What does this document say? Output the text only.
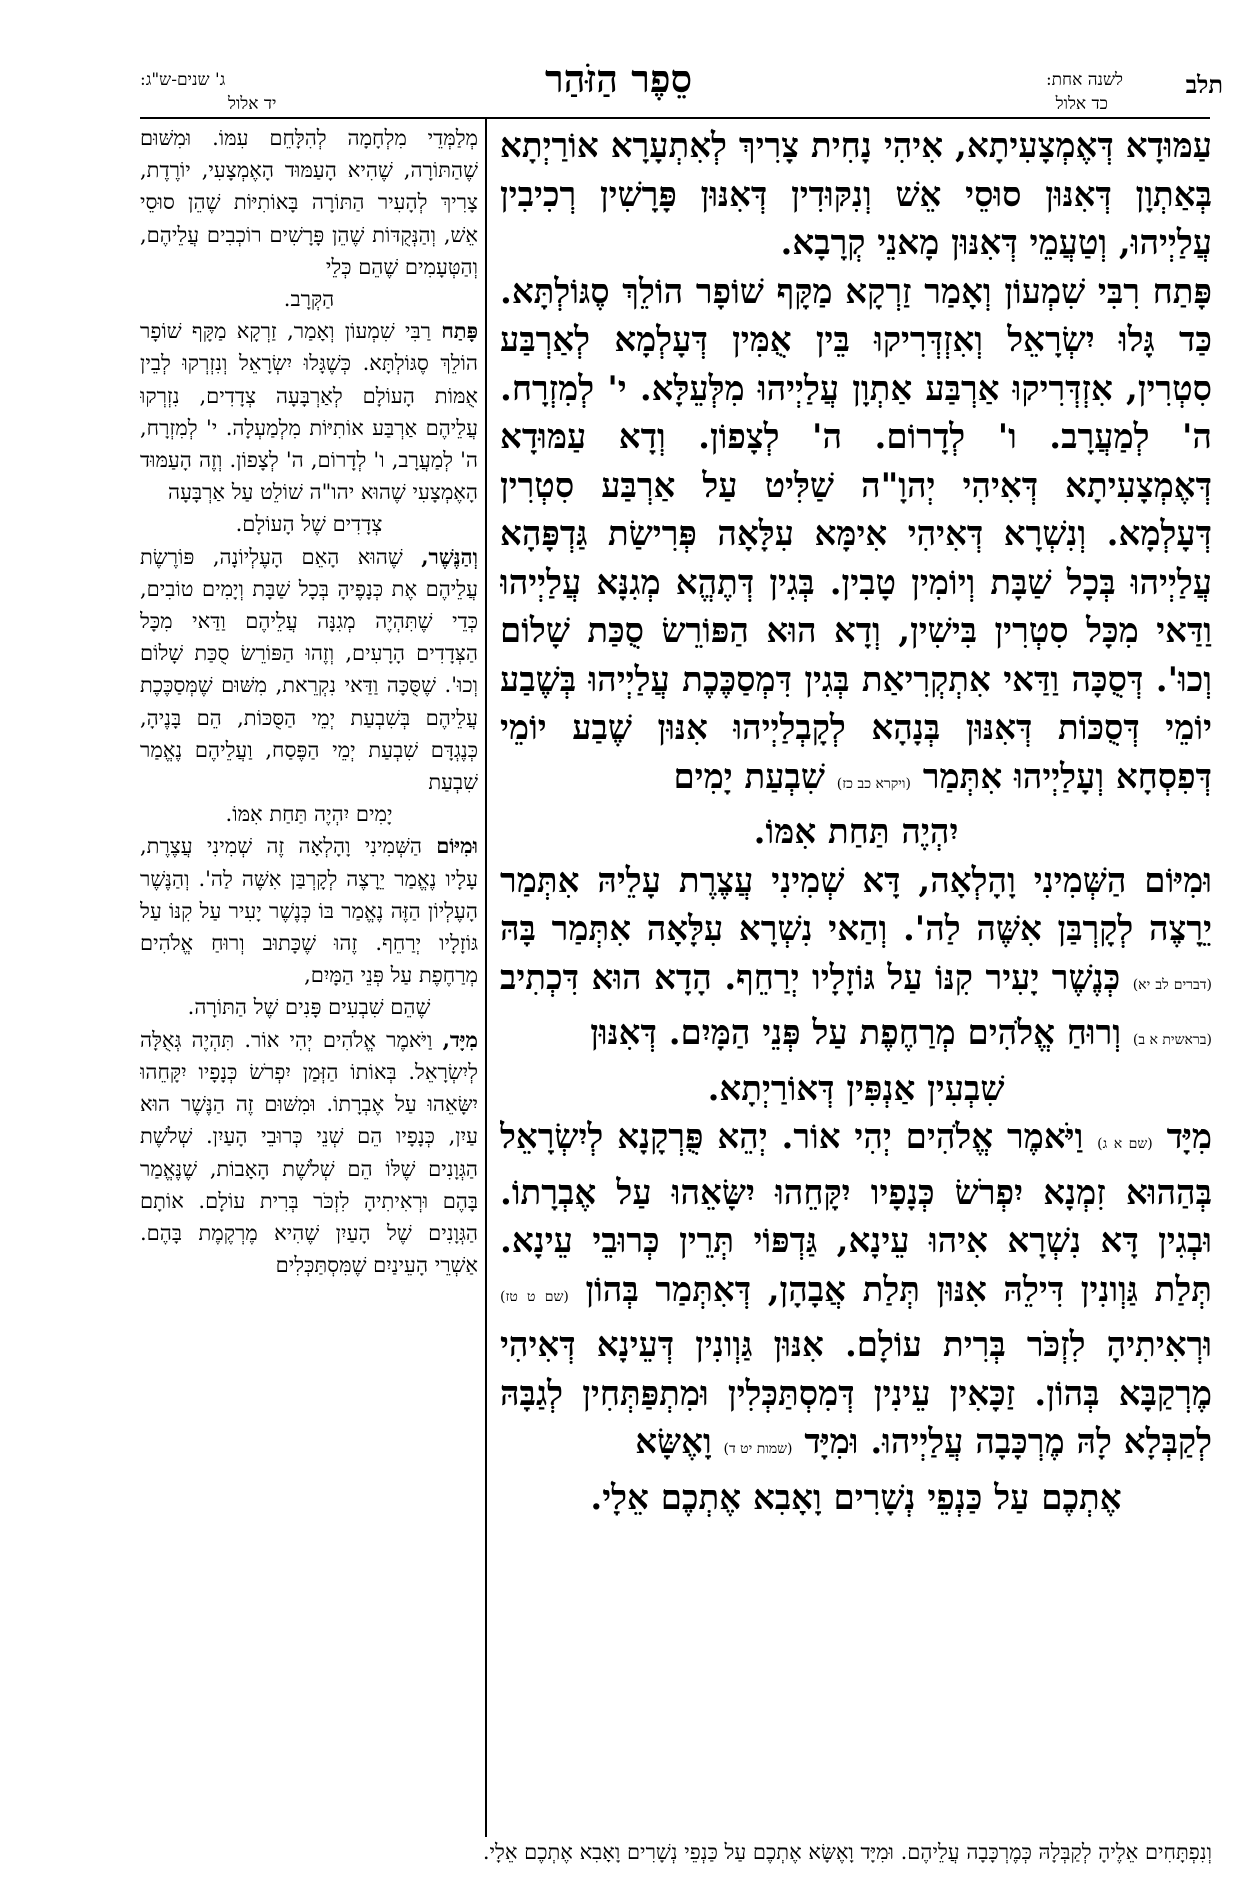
תלב
לשנה אחת:
כד אלול
סֵפֶר הַזֹּהַר
ג' שנים-ש"ג:
יד אלול

עַמּוּדָא דְּאֶמְצָעִיתָא, אִיהִי נָחִית צָרִיךְ לְאִתְעָרָא אוֹרַיְתָא בְּאַתְוָן דְּאִנּוּן סוּסֵי אֵשׁ וְנִקּוּדִין דְּאִנּוּן פָּרָשִׁין רְכִיבִין עֲלַיְיהוּ, וְטַעֲמֵי דְּאִנּוּן מָאנֵי קְרָבָא.

פָּתַח רִבִּי שִׁמְעוֹן וְאָמַר זַרְקָא מַקָּף שׁוֹפָר הוֹלֵךְ סֶגּוֹלְתָּא. כַּד גָּלוּ יִשְׂרָאֵל וְאִזְדְּרִיקוּ בֵּין אֻמִּין דְּעָלְמָא לְאַרְבַּע סִטְרִין, אִזְדְּרִיקוּ אַרְבַּע אַתְוָן עֲלַיְיהוּ מִלְּעֵלָּא. י' לְמִזְרָח. ה' לְמַעֲרָב. ו' לְדָרוֹם. ה' לְצָפוֹן. וְדָא עַמּוּדָא דְּאֶמְצָעִיתָא דְּאִיהִי יְהוָ"ה שַׁלִּיט עַל אַרְבַּע סִטְרִין דְּעָלְמָא. וְנִשְׁרָא דְּאִיהִי אִימָּא עִלָּאָה פְּרִישַׂת גַּדְפָּהָא עֲלַיְיהוּ בְּכָל שַׁבָּת וְיוֹמִין טָבִין. בְּגִין דְּתֶהֱא מְגִנָּא עֲלַיְיהוּ וַדַּאי מִכָּל סִטְרִין בִּישִׁין, וְדָא הוּא הַפּוֹרֵשׂ סֻכַּת שָׁלוֹם וְכוּ'. דְּסֻכָּה וַדַּאי אִתְקְרִיאַת בְּגִין דִּמְסַכֶּכֶת עֲלַיְיהוּ בְּשֶׁבַע יוֹמֵי דְּסֻכּוֹת דְּאִנּוּן בְּנָהָא לְקָבְלַיְיהוּ אִנּוּן שֶׁבַע יוֹמֵי דְּפִסְחָא וְעָלַיְיהוּ אִתְּמַר (ויקרא כב כז) שִׁבְעַת יָמִים

יִהְיֶה תַּחַת אִמּוֹ.

וּמִיּוֹם הַשְּׁמִינִי וָהָלְאָה, דָּא שְׁמִינִי עֲצֶרֶת עָלֵיהּ אִתְּמַר יֵרָצֶה לְקָרְבַּן אִשֶּׁה לַה'. וְהַאי נִשְׁרָא עִלָּאָה אִתְּמַר בָּהּ (דברים לב יא) כְּנֶשֶׁר יָעִיר קִנּוֹ עַל גּוֹזָלָיו יְרַחֵף. הָדָא הוּא דִּכְתִיב (בראשית א ב) וְרוּחַ אֱלֹהִים מְרַחֶפֶת עַל פְּנֵי הַמָּיִם. דְּאִנּוּן

שִׁבְעִין אַנְפִּין דְּאוֹרַיְתָא.

מִיָּד (שם א ג) וַיֹּאמֶר אֱלֹהִים יְהִי אוֹר. יְהֵא פֻּרְקָנָא לְיִשְׂרָאֵל בְּהַהוּא זִמְנָא יִפְרֹשׂ כְּנָפָיו יִקָּחֵהוּ יִשָּׂאֵהוּ עַל אֶבְרָתוֹ. וּבְגִין דָּא נִשְׁרָא אִיהוּ עֵינָא, גַּדְפּוֹי תְּרֵין כְּרוּבֵי עֵינָא. תְּלַת גַּוְונִין דִּילֵהּ אִנּוּן תְּלַת אֲבָהָן, דְּאִתְּמַר בְּהוֹן (שם ט טז) וּרְאִיתִיהָ לִזְכֹּר בְּרִית עוֹלָם. אִנּוּן גַּוְונִין דְּעֵינָא דְּאִיהִי מֶרְקַבָּא בְּהוֹן. זַכָּאִין עֵינִין דְּמִסְתַּכְּלִין וּמִתְפַּתְּחִין לְגַבָּהּ לְקַבְּלָא לָהּ מֶרְכָּבָה עֲלַיְיהוּ. וּמִיָּד (שמות יט ד) וָאֶשָּׂא

אֶתְכֶם עַל כַּנְפֵי נְשָׁרִים וָאָבִא אֶתְכֶם אֵלָי.

מְלַמְּדֵי מִלְחָמָה לְהִלָּחֵם עִמּוֹ. וּמִשּׁוּם שֶׁהַתּוֹרָה, שֶׁהִיא הָעַמּוּד הָאֶמְצָעִי, יוֹרֶדֶת, צָרִיךְ לְהָעִיר הַתּוֹרָה בָּאוֹתִיּוֹת שֶׁהֵן סוּסֵי אֵשׁ, וְהַנְּקֻדּוֹת שֶׁהֵן פָּרָשִׁים רוֹכְבִים עֲלֵיהֶם, וְהַטְּעָמִים שֶׁהֵם כְּלֵי

הַקְּרָב.

פָּתַח רַבִּי שִׁמְעוֹן וְאָמַר, זַרְקָא מַקָּף שׁוֹפָר הוֹלֵךְ סֶגּוֹלְתָּא. כְּשֶׁגָּלוּ יִשְׂרָאֵל וְנִזְרְקוּ לְבֵין אֻמּוֹת הָעוֹלָם לְאַרְבָּעָה צְדָדִים, נִזְרְקוּ עֲלֵיהֶם אַרְבַּע אוֹתִיּוֹת מִלְמַעְלָה. י' לְמִזְרָח, ה' לְמַעֲרָב, ו' לְדָרוֹם, ה' לְצָפוֹן. וְזֶה הָעַמּוּד הָאֶמְצָעִי שֶׁהוּא יהו"ה שׁוֹלֵט עַל אַרְבָּעָה

צְדָדִים שֶׁל הָעוֹלָם.

וְהַנֶּשֶׁר, שֶׁהוּא הָאֵם הָעֶלְיוֹנָה, פּוֹרֶשֶׂת עֲלֵיהֶם אֶת כְּנָפֶיהָ בְּכָל שַׁבָּת וְיָמִים טוֹבִים, כְּדֵי שֶׁתִּהְיֶה מְגִנָּה עֲלֵיהֶם וַדַּאי מִכָּל הַצְּדָדִים הָרָעִים, וְזֶהוּ הַפּוֹרֵשׂ סֻכַּת שָׁלוֹם וְכוּ'. שֶׁסֻּכָּה וַדַּאי נִקְרֵאת, מִשּׁוּם שֶׁמְּסַכֶּכֶת עֲלֵיהֶם בְּשִׁבְעַת יְמֵי הַסֻּכּוֹת, הֵם בָּנֶיהָ, כְּנֶגְדָּם שִׁבְעַת יְמֵי הַפֶּסַח, וַעֲלֵיהֶם נֶאֱמַר שִׁבְעַת

יָמִים יִהְיֶה תַּחַת אִמּוֹ.

וּמִיּוֹם הַשְּׁמִינִי וָהָלְאָה זֶה שְׁמִינִי עֲצֶרֶת, עָלָיו נֶאֱמַר יֵרָצֶה לְקָרְבַּן אִשֶּׁה לַה'. וְהַנֶּשֶׁר הָעֶלְיוֹן הַזֶּה נֶאֱמַר בּוֹ כְּנֶשֶׁר יָעִיר עַל קִנּוֹ עַל גּוֹזָלָיו יְרַחֵף. זֶהוּ שֶׁכָּתוּב וְרוּחַ אֱלֹהִים מְרַחֶפֶת עַל פְּנֵי הַמָּיִם,

שֶׁהֵם שִׁבְעִים פָּנִים שֶׁל הַתּוֹרָה.

מִיָּד, וַיֹּאמֶר אֱלֹהִים יְהִי אוֹר. תִּהְיֶה גְּאֻלָּה לְיִשְׂרָאֵל. בְּאוֹתוֹ הַזְּמַן יִפְרֹשׂ כְּנָפָיו יִקָּחֵהוּ יִשָּׂאֵהוּ עַל אֶבְרָתוֹ. וּמִשּׁוּם זֶה הַנֶּשֶׁר הוּא עַיִן, כְּנָפָיו הֵם שְׁנֵי כְּרוּבֵי הָעַיִן. שְׁלֹשֶׁת הַגְּוָנִים שֶׁלּוֹ הֵם שְׁלֹשֶׁת הָאָבוֹת, שֶׁנֶּאֱמַר בָּהֶם וּרְאִיתִיהָ לִזְכֹּר בְּרִית עוֹלָם. אוֹתָם הַגְּוָנִים שֶׁל הָעַיִן שֶׁהִיא מֶרְקֶמֶת בָּהֶם. אַשְׁרֵי הָעֵינַיִם שֶׁמִּסְתַּכְּלִים

וְנִפְתָּחִים אֵלֶיהָ לְקַבְּלָהּ כְּמֶרְכָּבָה עֲלֵיהֶם. וּמִיָּד וָאֶשָּׂא אֶתְכֶם עַל כַּנְפֵי נְשָׁרִים וָאָבִא אֶתְכֶם אֵלָי.
